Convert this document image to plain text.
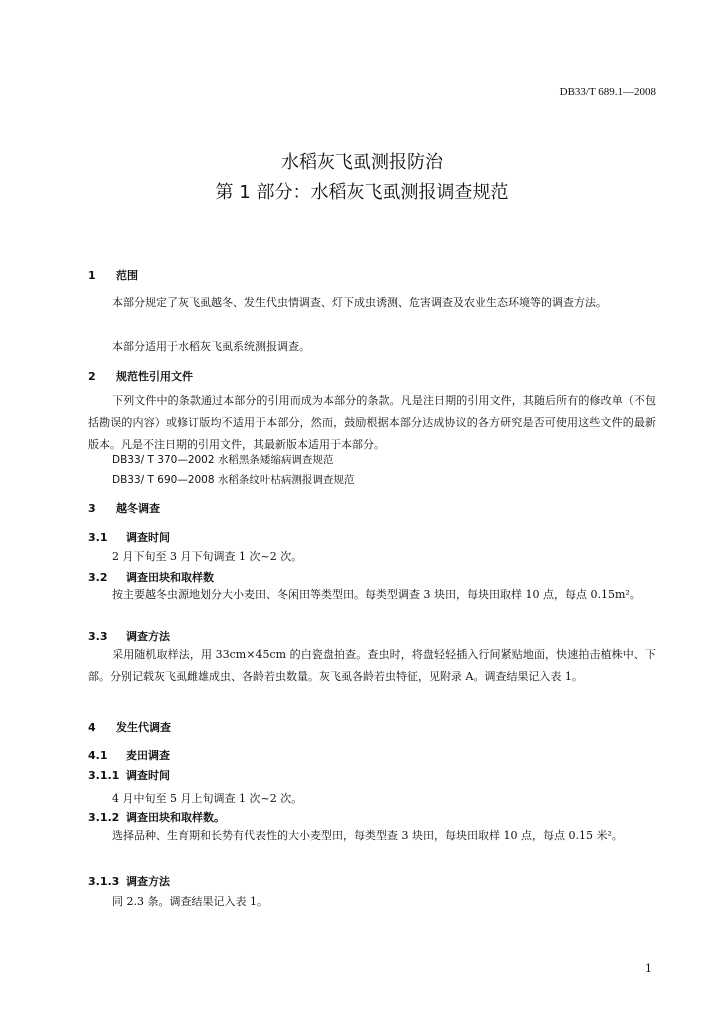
DB33/T 689.1—2008
水稻灰飞虱测报防治
第 1 部分：水稻灰飞虱测报调查规范
1 范围
本部分规定了灰飞虱越冬、发生代虫情调查、灯下成虫诱测、危害调查及农业生态环境等的调查方法。
本部分适用于水稻灰飞虱系统测报调查。
2 规范性引用文件
下列文件中的条款通过本部分的引用而成为本部分的条款。凡是注日期的引用文件，其随后所有的修改单（不包括勘误的内容）或修订版均不适用于本部分，然而，鼓励根据本部分达成协议的各方研究是否可使用这些文件的最新版本。凡是不注日期的引用文件，其最新版本适用于本部分。
DB33/ T 370—2002 水稻黑条矮缩病调查规范
DB33/ T 690—2008 水稻条纹叶枯病测报调查规范
3 越冬调查
3.1 调查时间
2 月下旬至 3 月下旬调查 1 次~2 次。
3.2 调查田块和取样数
按主要越冬虫源地划分大小麦田、冬闲田等类型田。每类型调查 3 块田，每块田取样 10 点，每点 0.15m²。
3.3 调查方法
采用随机取样法，用 33cm×45cm 的白瓷盘拍查。查虫时，将盘轻轻插入行间紧贴地面，快速拍击植株中、下部。分别记载灰飞虱雌雄成虫、各龄若虫数量。灰飞虱各龄若虫特征，见附录 A。调查结果记入表 1。
4 发生代调查
4.1 麦田调查
3.1.1 调查时间
4 月中旬至 5 月上旬调查 1 次~2 次。
3.1.2 调查田块和取样数。
选择品种、生育期和长势有代表性的大小麦型田，每类型查 3 块田，每块田取样 10 点，每点 0.15 米²。
3.1.3 调查方法
同 2.3 条。调查结果记入表 1。
1
